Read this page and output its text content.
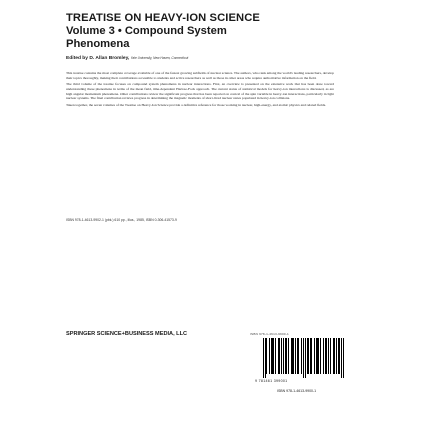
TREATISE ON HEAVY-ION SCIENCE
Volume 3 • Compound System
Phenomena
Edited by D. Allan Bromley, Yale University, New Haven, Connecticut

This treatise contains the most complete coverage available of one of the fastest growing subfields of nuclear science. The authors, who rank among the world's leading researchers, develop their topics thoroughly, making their contributions accessible to students and active researchers as well as those in other areas who require authoritative information on the field.

The third volume of the treatise focuses on compound system phenomena in nuclear interactions. First, an overview is presented on the extensive work that has been done toward understanding these phenomena in terms of the mean field, time-dependent Hartree-Fock approach. The current status of statistical models for heavy-ion interactions is discussed, as are high angular momentum phenomena. Other contributions review the significant progress that has been reported on conical of the spin variable in heavy-ion interactions, particularly in light nuclear systems. The final contribution reviews progress in determining the magnetic moments of short-lived nuclear states populated in heavy-ion collisions.

Taken together, the seven volumes of the Treatise on Heavy-Ion Science provide a definitive reference for those working in nuclear, high-energy, and atomic physics and related fields.

ISBN 978-1-4613-9902-1 (pbk.) 610 pp., illus., 1985, ISBN 0-306-41573-9
SPRINGER SCIENCE+BUSINESS MEDIA, LLC	ISBN 978-1-4613-9900-1
9 781461 399001
ISBN 978-1-4613-9900-1
